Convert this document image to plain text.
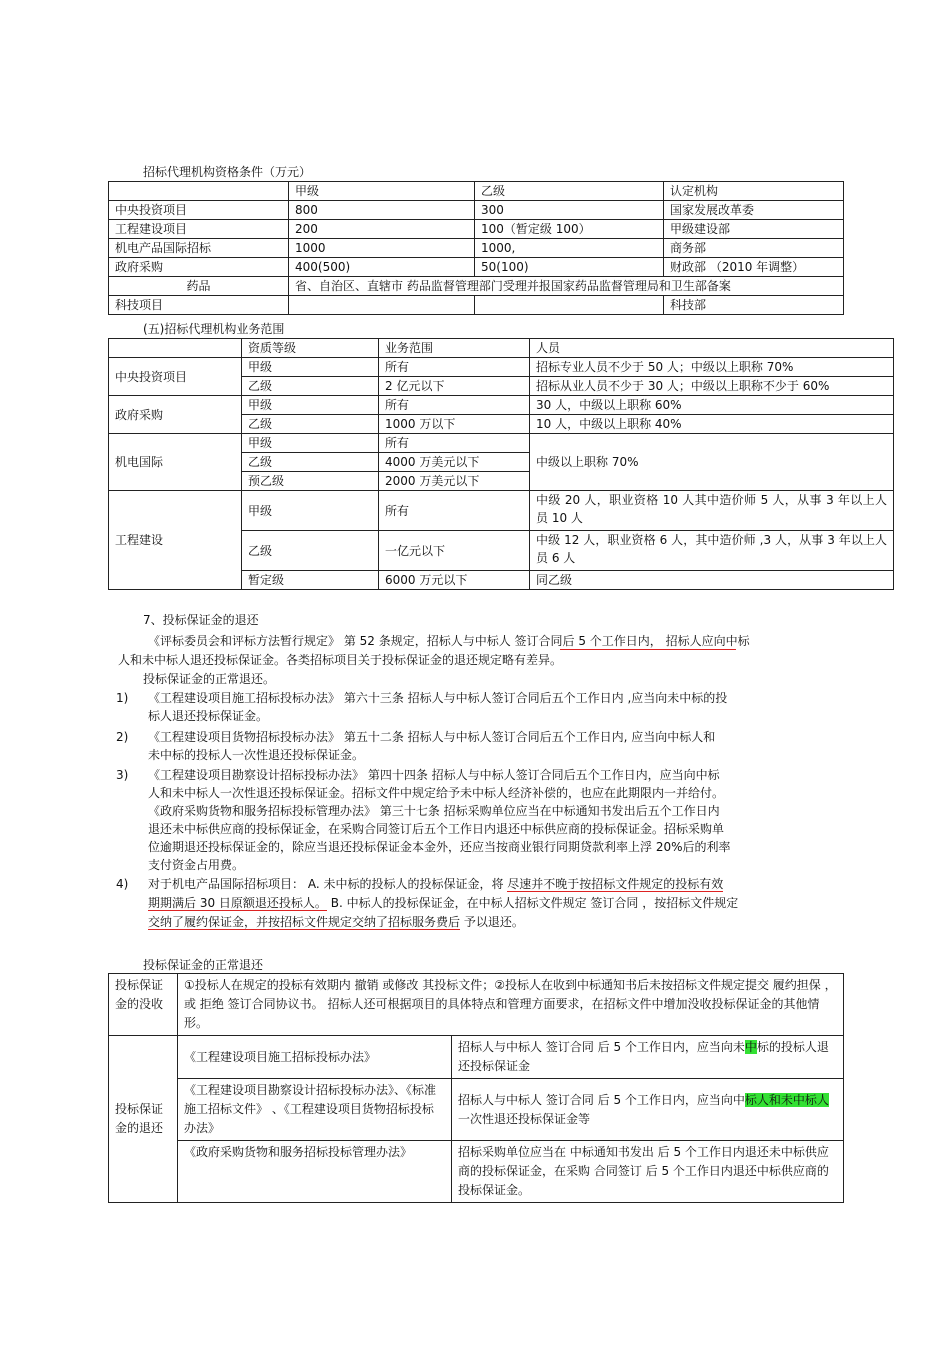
招标代理机构资格条件（万元）
	甲级	乙级	认定机构
中央投资项目	800	300	国家发展改革委
工程建设项目	200	100（暂定级 100）	甲级建设部
机电产品国际招标	1000	1000,	商务部
政府采购	400(500)	50(100)	财政部 （2010 年调整）
药品	省、自治区、直辖市 药品监督管理部门受理并报国家药品监督管理局和卫生部备案		
科技项目			科技部
(五)招标代理机构业务范围
	资质等级	业务范围	人员
中央投资项目	甲级	所有	招标专业人员不少于 50 人；中级以上职称 70%
	乙级	2 亿元以下	招标从业人员不少于 30 人；中级以上职称不少于 60%
政府采购	甲级	所有	30 人，中级以上职称 60%
	乙级	1000 万以下	10 人，中级以上职称 40%
机电国际	甲级	所有	中级以上职称 70%
	乙级	4000 万美元以下	
	预乙级	2000 万美元以下	
工程建设	甲级	所有	中级 20 人，职业资格 10 人其中造价师 5 人，从事 3 年以上人员 10 人
	乙级	一亿元以下	中级 12 人，职业资格 6 人，其中造价师 ,3 人，从事 3 年以上人员 6 人
	暂定级	6000 万元以下	同乙级
7、投标保证金的退还
《评标委员会和评标方法暂行规定》 第 52 条规定，招标人与中标人 签订合同后 5 个工作日内， 招标人应向中标
人和未中标人退还投标保证金。各类招标项目关于投标保证金的退还规定略有差异。
投标保证金的正常退还。
1) 《工程建设项目施工招标投标办法》 第六十三条 招标人与中标人签订合同后五个工作日内 ,应当向未中标的投
标人退还投标保证金。
2) 《工程建设项目货物招标投标办法》 第五十二条 招标人与中标人签订合同后五个工作日内, 应当向中标人和
未中标的投标人一次性退还投标保证金。
3) 《工程建设项目勘察设计招标投标办法》 第四十四条 招标人与中标人签订合同后五个工作日内，应当向中标
人和未中标人一次性退还投标保证金。招标文件中规定给予未中标人经济补偿的，也应在此期限内一并给付。
《政府采购货物和服务招标投标管理办法》 第三十七条 招标采购单位应当在中标通知书发出后五个工作日内
退还未中标供应商的投标保证金，在采购合同签订后五个工作日内退还中标供应商的投标保证金。招标采购单
位逾期退还投标保证金的，除应当退还投标保证金本金外，还应当按商业银行同期贷款利率上浮 20%后的利率
支付资金占用费。
4) 对于机电产品国际招标项目： A. 未中标的投标人的投标保证金，将 尽速并不晚于按招标文件规定的投标有效
期期满后 30 日原额退还投标人。 B. 中标人的投标保证金，在中标人招标文件规定 签订合同 ，按招标文件规定
交纳了履约保证金，并按招标文件规定交纳了招标服务费后 予以退还。
投标保证金的正常退还
投标保证金的没收	①投标人在规定的投标有效期内 撤销 或修改 其投标文件；②投标人在收到中标通知书后未按招标文件规定提交 履约担保 ，或 拒绝 签订合同协议书。 招标人还可根据项目的具体特点和管理方面要求，在招标文件中增加没收投标保证金的其他情形。	
投标保证金的退还	《工程建设项目施工招标投标办法》	招标人与中标人 签订合同 后 5 个工作日内，应当向未中标的投标人退还投标保证金
	《工程建设项目勘察设计招标投标办法》、《标准施工招标文件》 、《工程建设项目货物招标投标办法》	招标人与中标人 签订合同 后 5 个工作日内，应当向中标人和未中标人一次性退还投标保证金等
	《政府采购货物和服务招标投标管理办法》	招标采购单位应当在 中标通知书发出 后 5 个工作日内退还未中标供应商的投标保证金，在采购 合同签订 后 5 个工作日内退还中标供应商的投标保证金。
